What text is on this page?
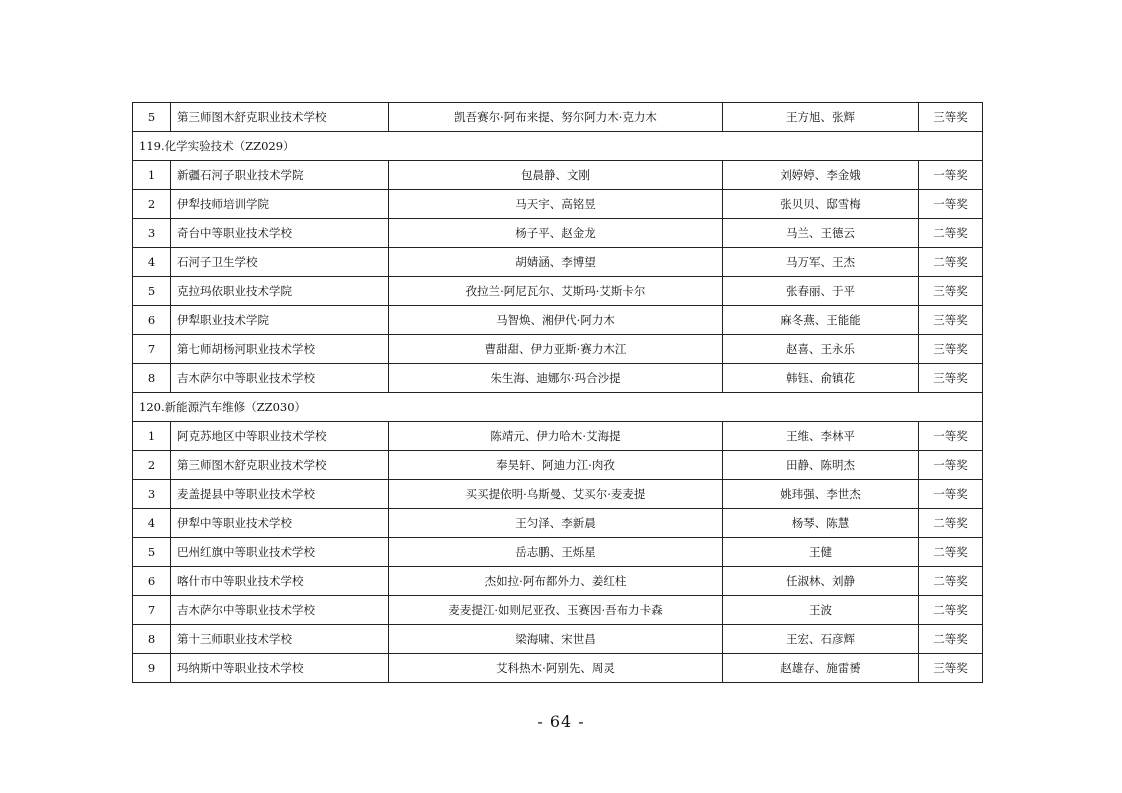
5	第三师图木舒克职业技术学校	凯吾赛尔·阿布来提、努尔阿力木·克力木	王方旭、张辉	三等奖
119.化学实验技术（ZZ029）				
1	新疆石河子职业技术学院	包晨静、文刚	刘婷婷、李金娥	一等奖
2	伊犁技师培训学院	马天宇、高铭昱	张贝贝、邸雪梅	一等奖
3	奇台中等职业技术学校	杨子平、赵金龙	马兰、王德云	二等奖
4	石河子卫生学校	胡婧涵、李博望	马万军、王杰	二等奖
5	克拉玛依职业技术学院	孜拉兰·阿尼瓦尔、艾斯玛·艾斯卡尔	张春丽、于平	三等奖
6	伊犁职业技术学院	马智焕、湘伊代·阿力木	麻冬燕、王能能	三等奖
7	第七师胡杨河职业技术学校	曹甜甜、伊力亚斯·赛力木江	赵喜、王永乐	三等奖
8	吉木萨尔中等职业技术学校	朱生海、迪娜尔·玛合沙提	韩钰、俞镇花	三等奖
120.新能源汽车维修（ZZ030）				
1	阿克苏地区中等职业技术学校	陈靖元、伊力哈木·艾海提	王维、李林平	一等奖
2	第三师图木舒克职业技术学校	奉昊轩、阿迪力江·肉孜	田静、陈明杰	一等奖
3	麦盖提县中等职业技术学校	买买提依明·乌斯曼、艾买尔·麦麦提	姚玮强、李世杰	一等奖
4	伊犁中等职业技术学校	王匀泽、李新晨	杨琴、陈慧	二等奖
5	巴州红旗中等职业技术学校	岳志鹏、王烁星	王健	二等奖
6	喀什市中等职业技术学校	杰如拉·阿布都外力、姜红柱	任淑林、刘静	二等奖
7	吉木萨尔中等职业技术学校	麦麦提江·如则尼亚孜、玉赛因·吾布力卡森	王波	二等奖
8	第十三师职业技术学校	梁海啸、宋世昌	王宏、石彦辉	二等奖
9	玛纳斯中等职业技术学校	艾科热木·阿别先、周灵	赵雄存、施雷赟	三等奖
- 64 -
